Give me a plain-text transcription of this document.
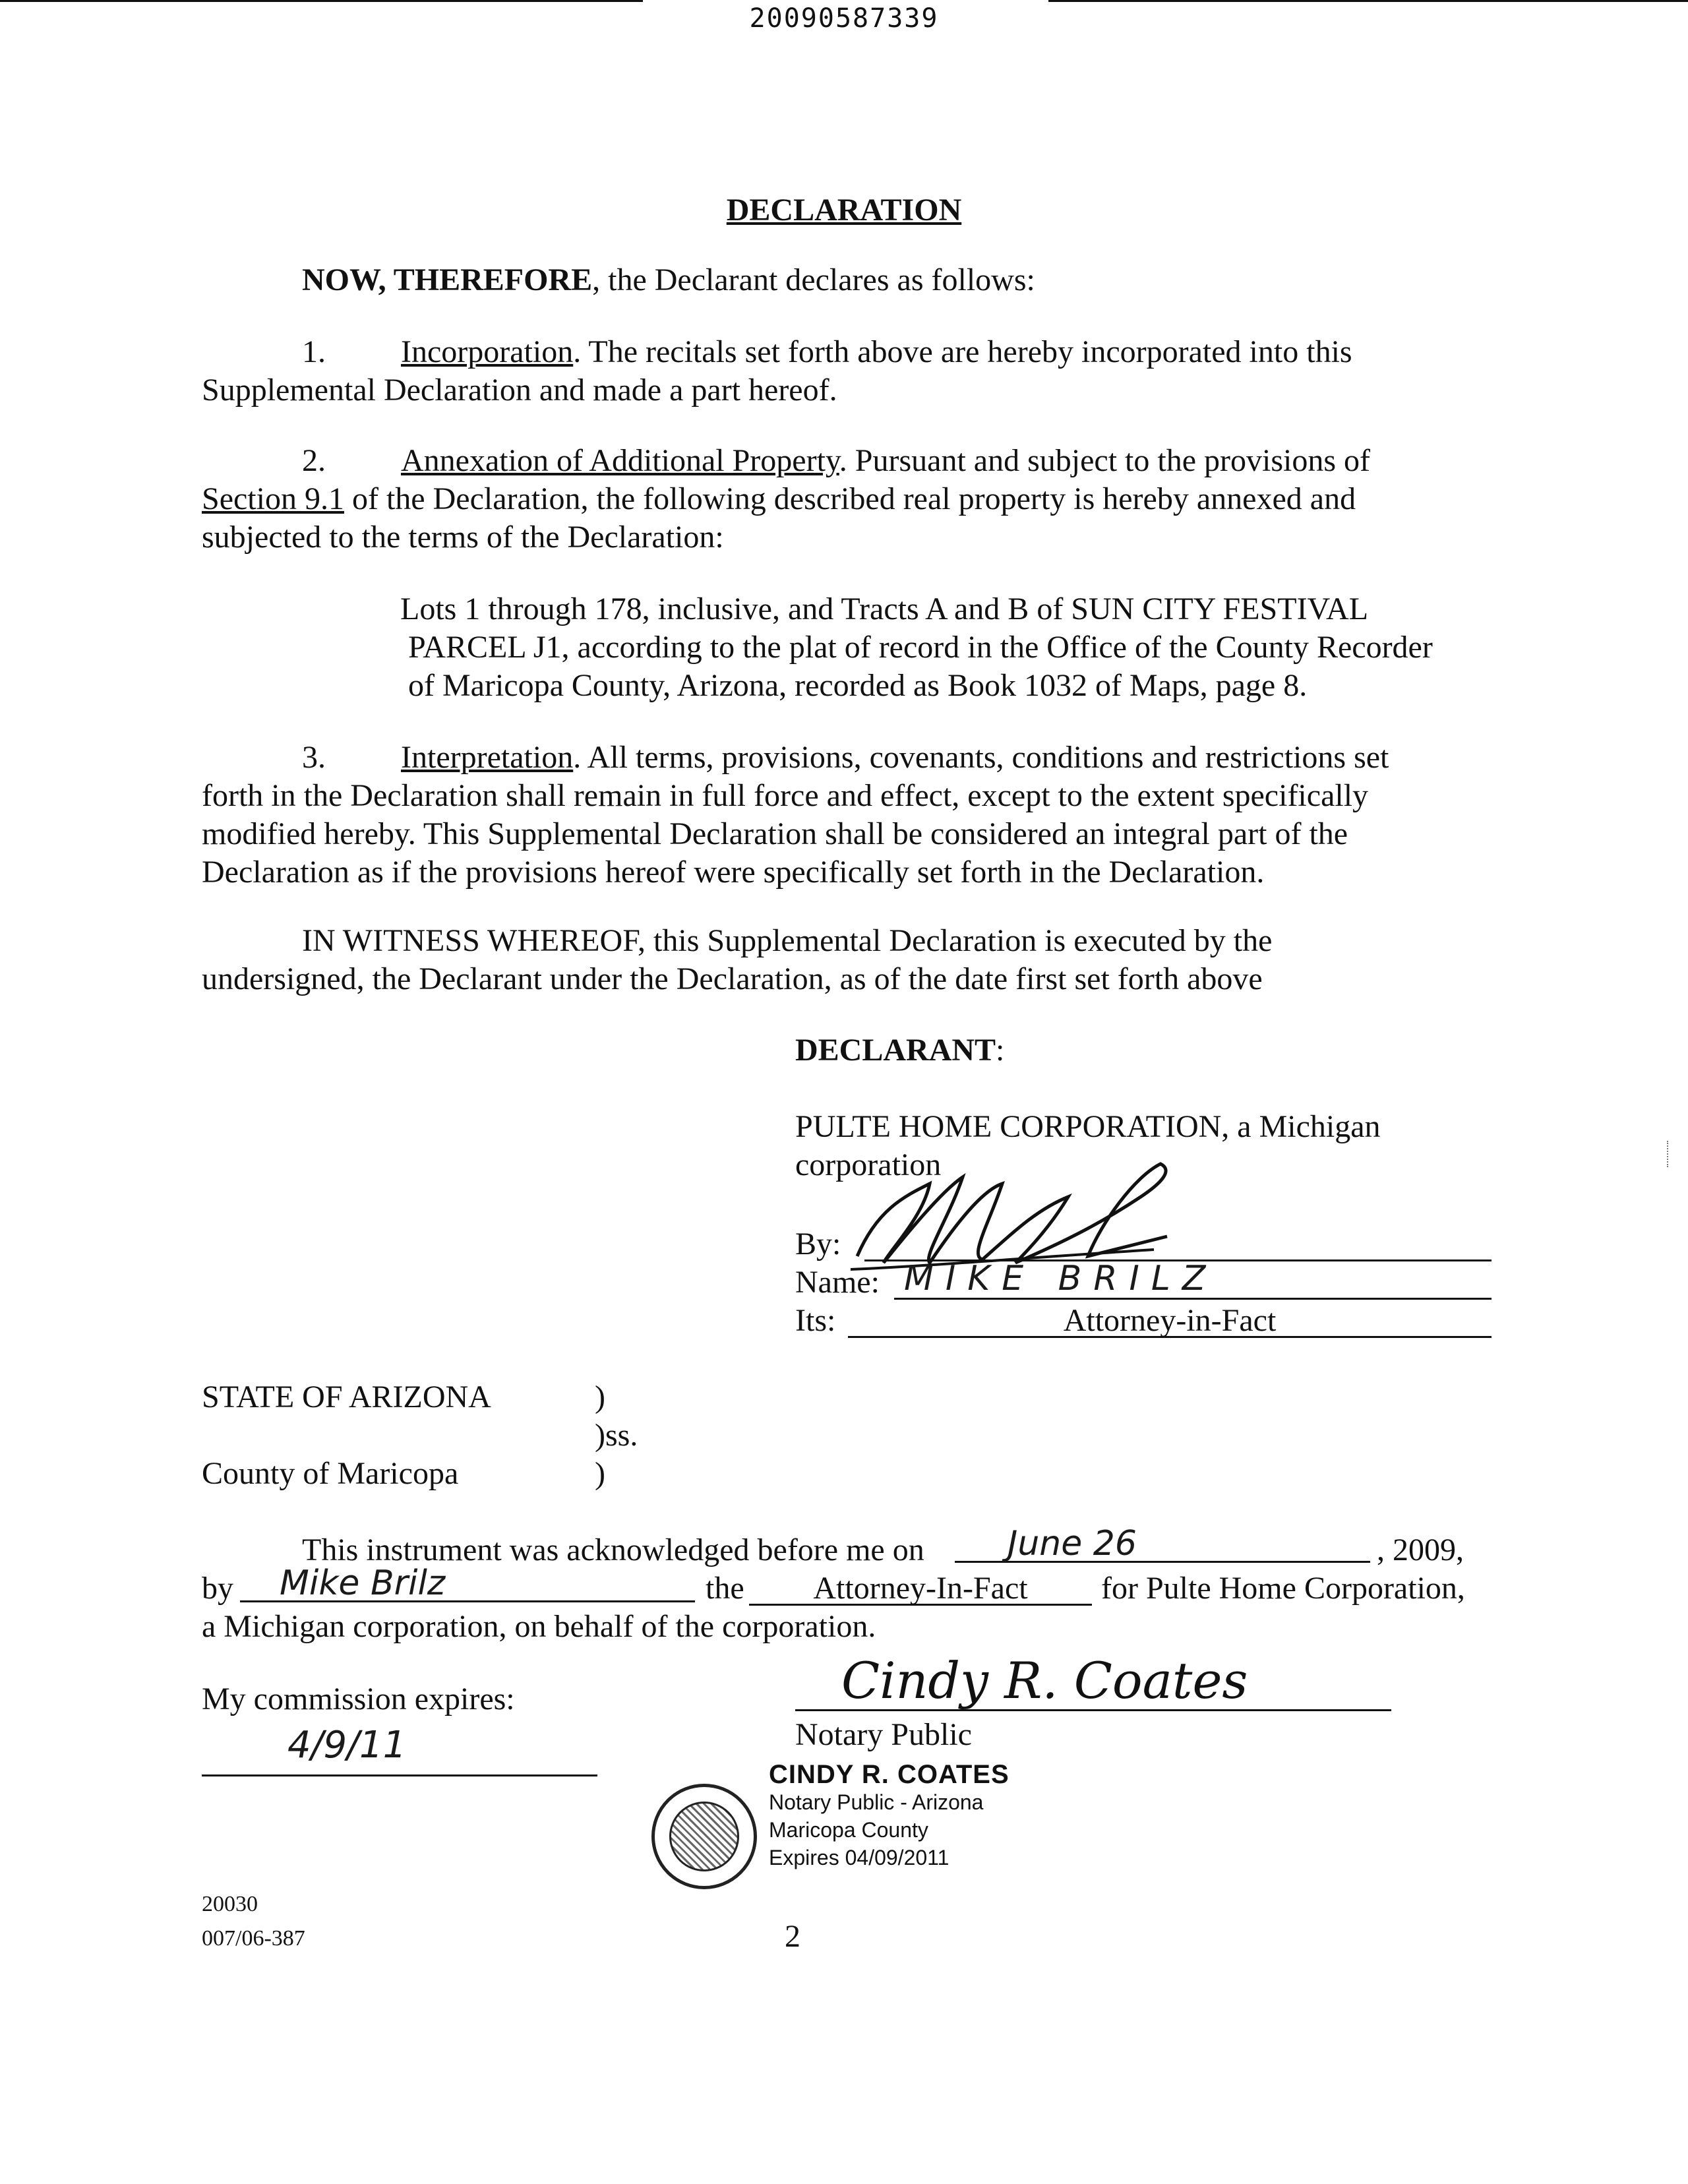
20090587339
DECLARATION
NOW, THEREFORE, the Declarant declares as follows:
1. Incorporation. The recitals set forth above are hereby incorporated into this
Supplemental Declaration and made a part hereof.
2. Annexation of Additional Property. Pursuant and subject to the provisions of
Section 9.1 of the Declaration, the following described real property is hereby annexed and
subjected to the terms of the Declaration:
Lots 1 through 178, inclusive, and Tracts A and B of SUN CITY FESTIVAL
PARCEL J1, according to the plat of record in the Office of the County Recorder
of Maricopa County, Arizona, recorded as Book 1032 of Maps, page 8.
3. Interpretation. All terms, provisions, covenants, conditions and restrictions set
forth in the Declaration shall remain in full force and effect, except to the extent specifically
modified hereby. This Supplemental Declaration shall be considered an integral part of the
Declaration as if the provisions hereof were specifically set forth in the Declaration.
IN WITNESS WHEREOF, this Supplemental Declaration is executed by the
undersigned, the Declarant under the Declaration, as of the date first set forth above
DECLARANT:
PULTE HOME CORPORATION, a Michigan
corporation
By:
Name: MIKE BRILZ
Its:	Attorney-in-Fact
STATE OF ARIZONA	)
)ss.
County of Maricopa	)
This instrument was acknowledged before me on	June 26	, 2009,
by	Mike Brilz	the	Attorney-In-Fact	for Pulte Home Corporation,
a Michigan corporation, on behalf of the corporation.
My commission expires:
4/9/11
Cindy R. Coates
Notary Public
CINDY R. COATES
Notary Public - Arizona
Maricopa County
Expires 04/09/2011
20030
007/06-387	2
